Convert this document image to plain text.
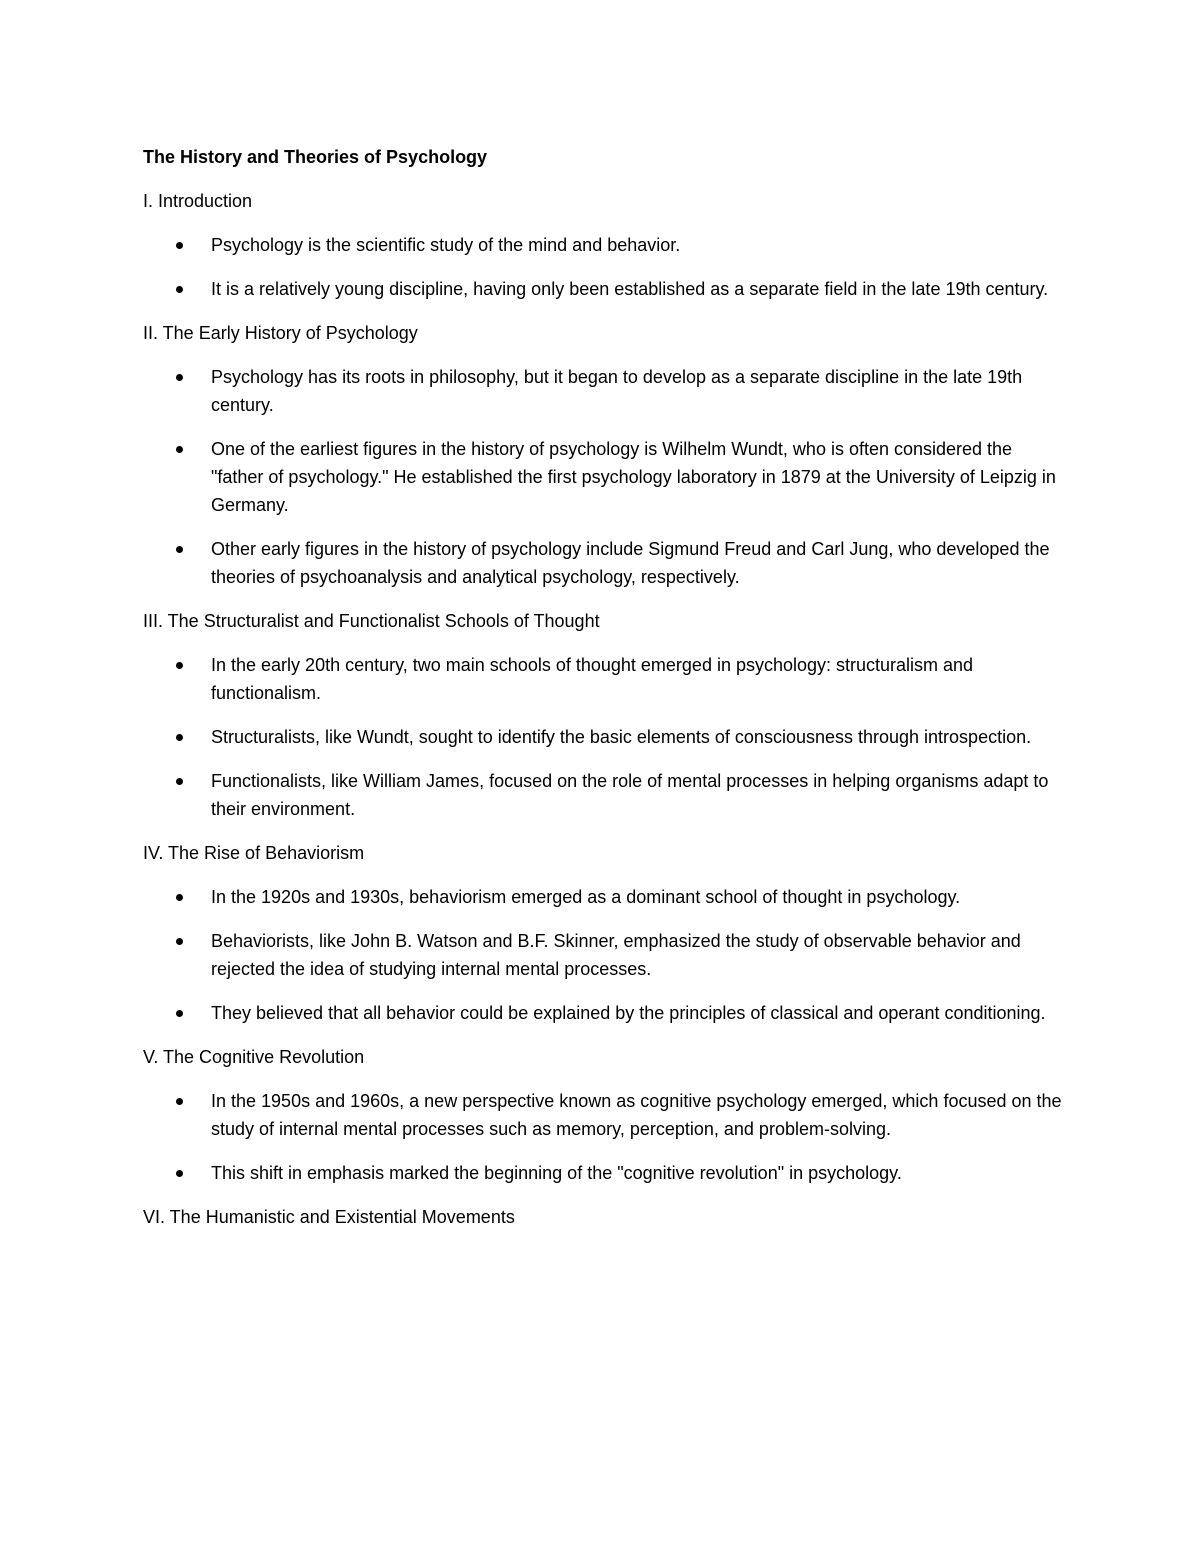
The History and Theories of Psychology
I. Introduction
Psychology is the scientific study of the mind and behavior.
It is a relatively young discipline, having only been established as a separate field in the late 19th century.
II. The Early History of Psychology
Psychology has its roots in philosophy, but it began to develop as a separate discipline in the late 19th century.
One of the earliest figures in the history of psychology is Wilhelm Wundt, who is often considered the "father of psychology." He established the first psychology laboratory in 1879 at the University of Leipzig in Germany.
Other early figures in the history of psychology include Sigmund Freud and Carl Jung, who developed the theories of psychoanalysis and analytical psychology, respectively.
III. The Structuralist and Functionalist Schools of Thought
In the early 20th century, two main schools of thought emerged in psychology: structuralism and functionalism.
Structuralists, like Wundt, sought to identify the basic elements of consciousness through introspection.
Functionalists, like William James, focused on the role of mental processes in helping organisms adapt to their environment.
IV. The Rise of Behaviorism
In the 1920s and 1930s, behaviorism emerged as a dominant school of thought in psychology.
Behaviorists, like John B. Watson and B.F. Skinner, emphasized the study of observable behavior and rejected the idea of studying internal mental processes.
They believed that all behavior could be explained by the principles of classical and operant conditioning.
V. The Cognitive Revolution
In the 1950s and 1960s, a new perspective known as cognitive psychology emerged, which focused on the study of internal mental processes such as memory, perception, and problem-solving.
This shift in emphasis marked the beginning of the "cognitive revolution" in psychology.
VI. The Humanistic and Existential Movements
